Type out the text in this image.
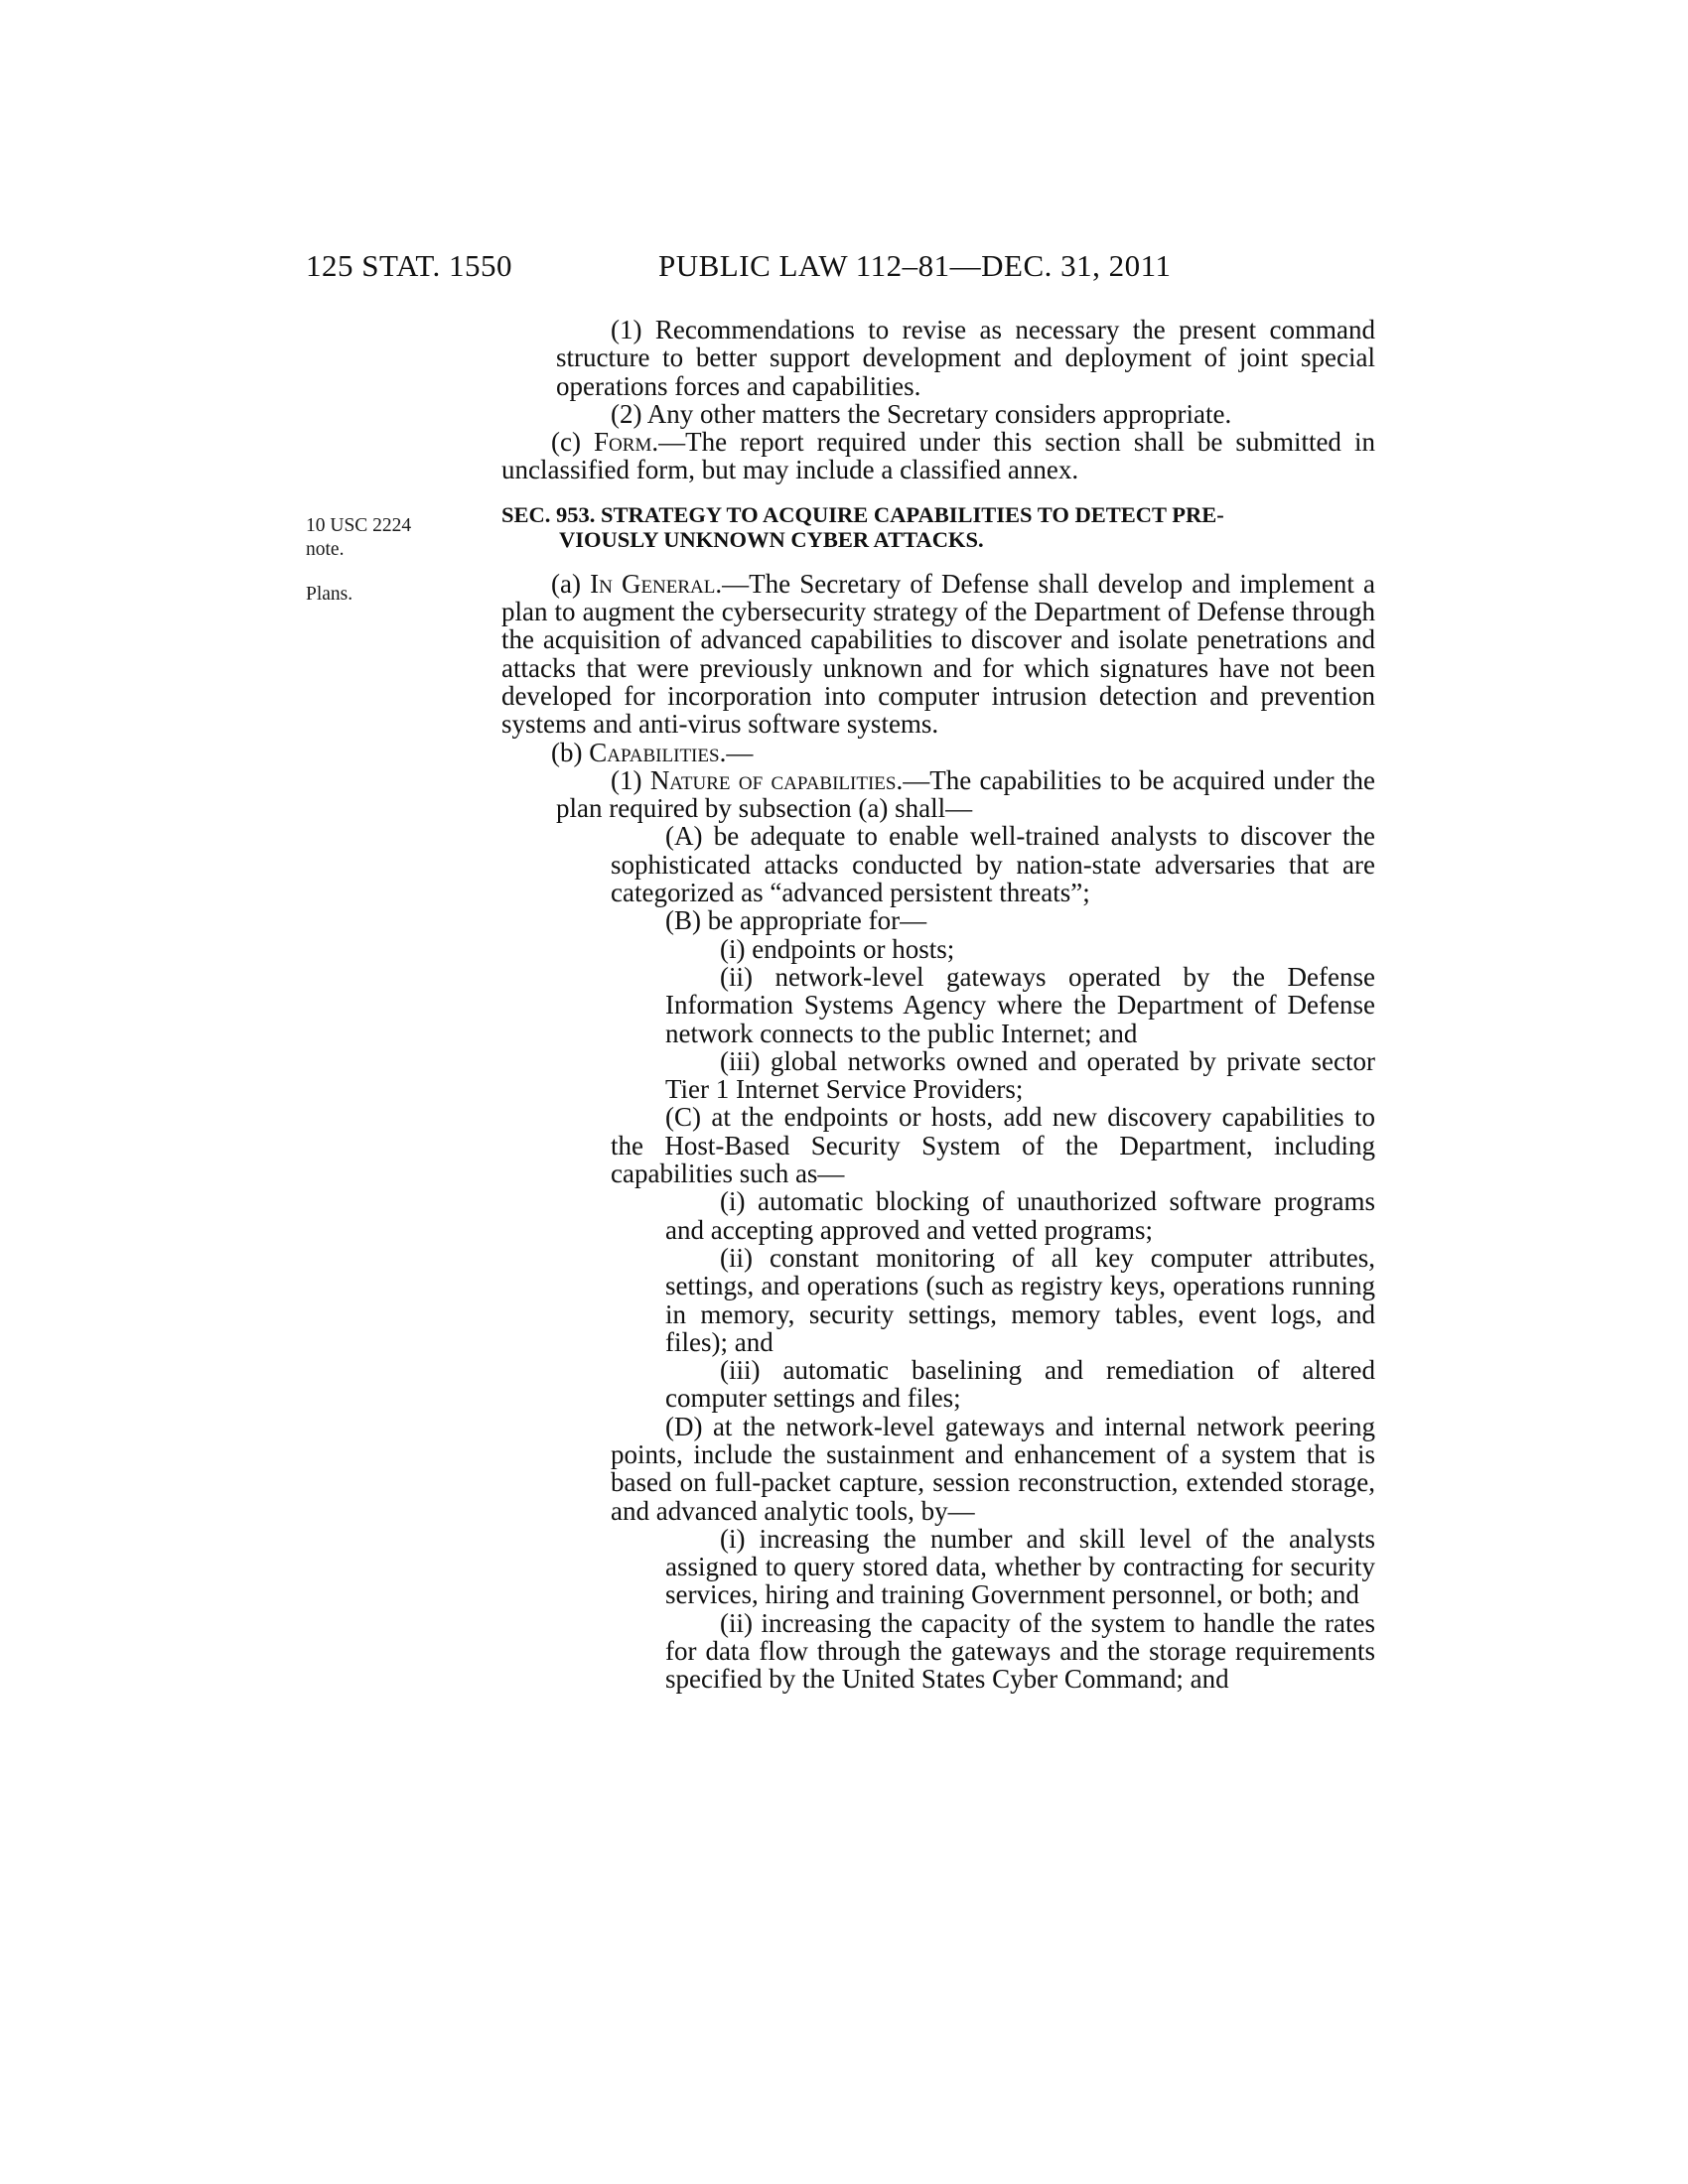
125 STAT. 1550	PUBLIC LAW 112–81—DEC. 31, 2011
10 USC 2224
note.
Plans.

(1) Recommendations to revise as necessary the present command structure to better support development and deployment of joint special operations forces and capabilities.

(2) Any other matters the Secretary considers appropriate.

(c) Form.—The report required under this section shall be submitted in unclassified form, but may include a classified annex.

SEC. 953. STRATEGY TO ACQUIRE CAPABILITIES TO DETECT PRE-
VIOUSLY UNKNOWN CYBER ATTACKS.

(a) In General.—The Secretary of Defense shall develop and implement a plan to augment the cybersecurity strategy of the Department of Defense through the acquisition of advanced capabilities to discover and isolate penetrations and attacks that were previously unknown and for which signatures have not been developed for incorporation into computer intrusion detection and prevention systems and anti-virus software systems.

(b) Capabilities.—

(1) Nature of capabilities.—The capabilities to be acquired under the plan required by subsection (a) shall—

(A) be adequate to enable well-trained analysts to discover the sophisticated attacks conducted by nation-state adversaries that are categorized as “advanced persistent threats”;

(B) be appropriate for—

(i) endpoints or hosts;

(ii) network-level gateways operated by the Defense Information Systems Agency where the Department of Defense network connects to the public Internet; and

(iii) global networks owned and operated by private sector Tier 1 Internet Service Providers;

(C) at the endpoints or hosts, add new discovery capabilities to the Host-Based Security System of the Department, including capabilities such as—

(i) automatic blocking of unauthorized software programs and accepting approved and vetted programs;

(ii) constant monitoring of all key computer attributes, settings, and operations (such as registry keys, operations running in memory, security settings, memory tables, event logs, and files); and

(iii) automatic baselining and remediation of altered computer settings and files;

(D) at the network-level gateways and internal network peering points, include the sustainment and enhancement of a system that is based on full-packet capture, session reconstruction, extended storage, and advanced analytic tools, by—

(i) increasing the number and skill level of the analysts assigned to query stored data, whether by contracting for security services, hiring and training Government personnel, or both; and

(ii) increasing the capacity of the system to handle the rates for data flow through the gateways and the storage requirements specified by the United States Cyber Command; and
